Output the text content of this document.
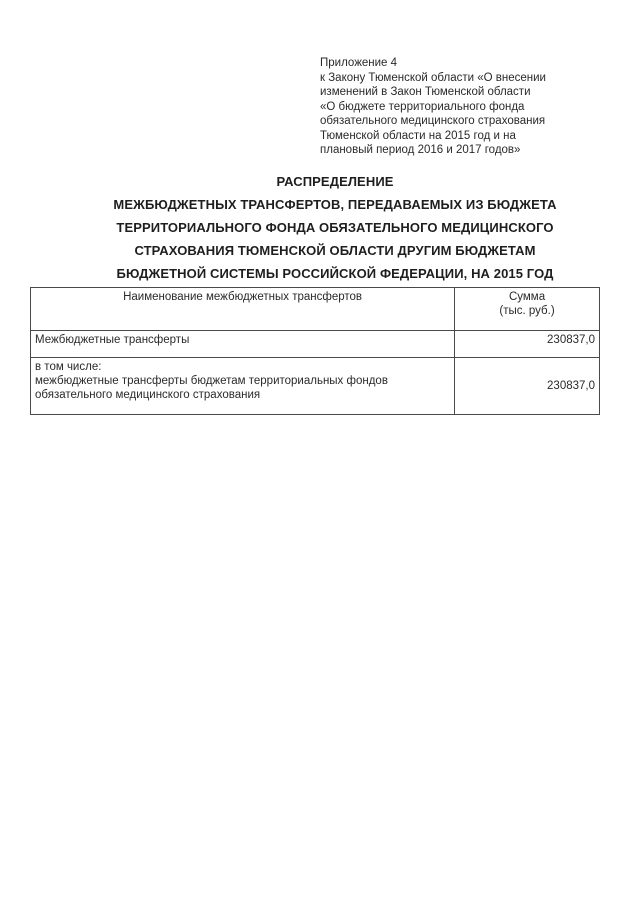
Приложение 4
к Закону Тюменской области «О внесении
изменений в Закон Тюменской области
«О бюджете территориального фонда
обязательного медицинского страхования
Тюменской области на 2015 год и на
плановый период 2016 и 2017 годов»
РАСПРЕДЕЛЕНИЕ
МЕЖБЮДЖЕТНЫХ ТРАНСФЕРТОВ, ПЕРЕДАВАЕМЫХ ИЗ БЮДЖЕТА
ТЕРРИТОРИАЛЬНОГО ФОНДА ОБЯЗАТЕЛЬНОГО МЕДИЦИНСКОГО
СТРАХОВАНИЯ ТЮМЕНСКОЙ ОБЛАСТИ ДРУГИМ БЮДЖЕТАМ
БЮДЖЕТНОЙ СИСТЕМЫ РОССИЙСКОЙ ФЕДЕРАЦИИ, НА 2015 ГОД
Наименование межбюджетных трансфертов	Сумма
(тыс. руб.)

Межбюджетные трансферты	230837,0

в том числе:
межбюджетные трансферты бюджетам территориальных фондов
обязательного медицинского страхования	230837,0
